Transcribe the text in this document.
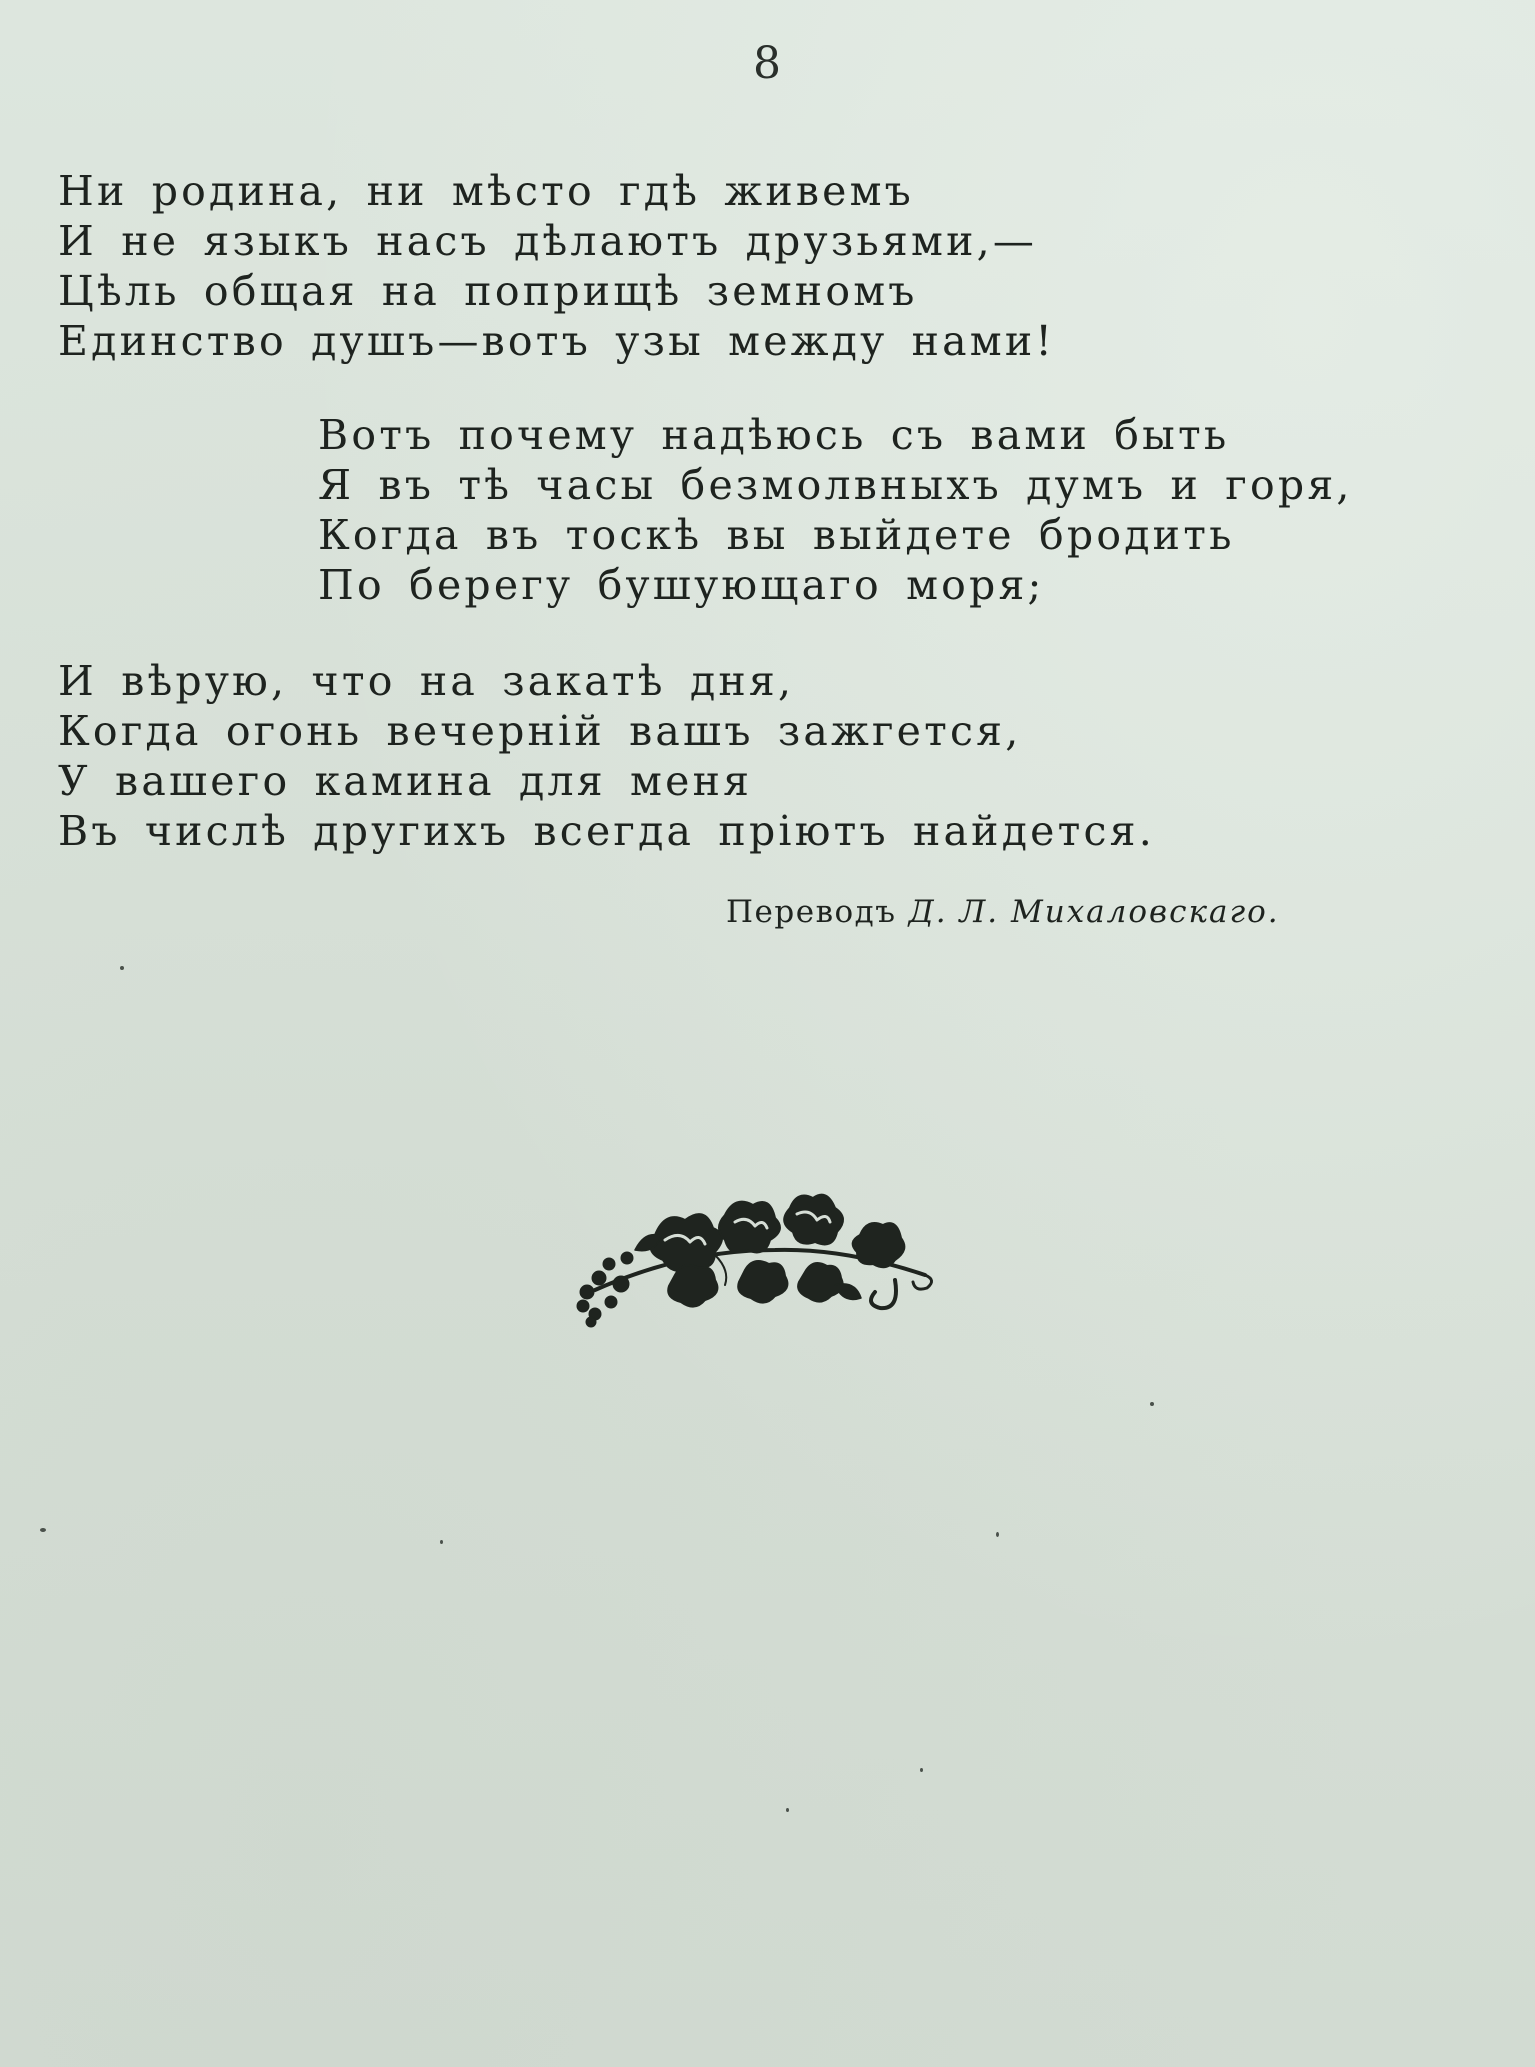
8
Ни родина, ни мѣсто гдѣ живемъ
И не языкъ насъ дѣлаютъ друзьями,—
Цѣль общая на поприщѣ земномъ
Единство душъ—вотъ узы между нами!
Вотъ почему надѣюсь съ вами быть
Я въ тѣ часы безмолвныхъ думъ и горя,
Когда въ тоскѣ вы выйдете бродить
По берегу бушующаго моря;
И вѣрую, что на закатѣ дня,
Когда огонь вечерній вашъ зажгется,
У вашего камина для меня
Въ числѣ другихъ всегда пріютъ найдется.
Переводъ Д. Л. Михаловскаго.
